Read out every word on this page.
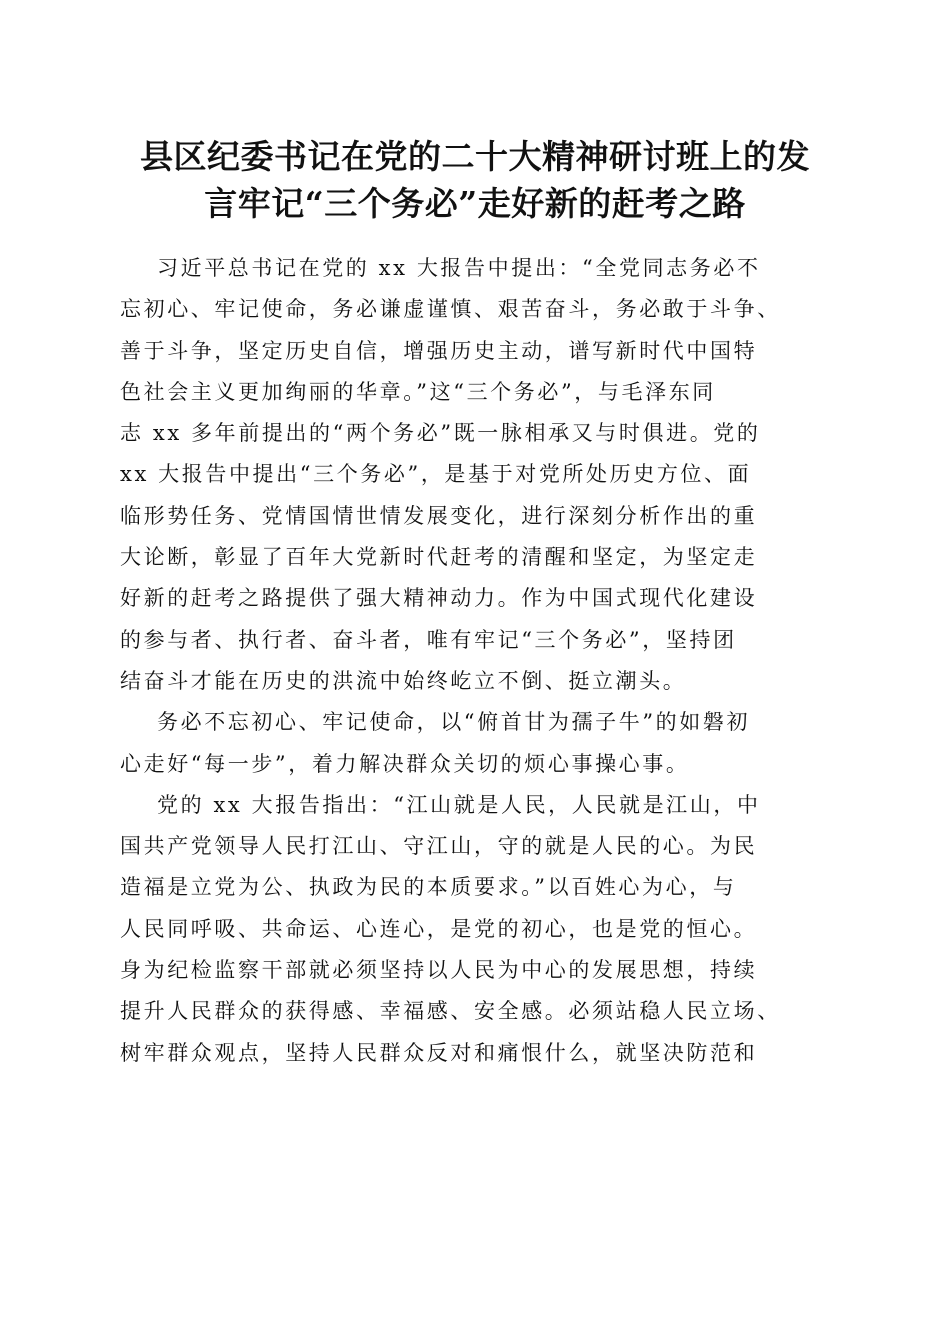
县区纪委书记在党的二十大精神研讨班上的发
言牢记“三个务必”走好新的赶考之路
习近平总书记在党的 xx 大报告中提出：“全党同志务必不
忘初心、牢记使命，务必谦虚谨慎、艰苦奋斗，务必敢于斗争、
善于斗争，坚定历史自信，增强历史主动，谱写新时代中国特
色社会主义更加绚丽的华章。”这“三个务必”，与毛泽东同
志 xx 多年前提出的“两个务必”既一脉相承又与时俱进。党的
xx 大报告中提出“三个务必”，是基于对党所处历史方位、面
临形势任务、党情国情世情发展变化，进行深刻分析作出的重
大论断，彰显了百年大党新时代赶考的清醒和坚定，为坚定走
好新的赶考之路提供了强大精神动力。作为中国式现代化建设
的参与者、执行者、奋斗者，唯有牢记“三个务必”，坚持团
结奋斗才能在历史的洪流中始终屹立不倒、挺立潮头。
务必不忘初心、牢记使命，以“俯首甘为孺子牛”的如磐初
心走好“每一步”，着力解决群众关切的烦心事操心事。
党的 xx 大报告指出：“江山就是人民，人民就是江山，中
国共产党领导人民打江山、守江山，守的就是人民的心。为民
造福是立党为公、执政为民的本质要求。”以百姓心为心，与
人民同呼吸、共命运、心连心，是党的初心，也是党的恒心。
身为纪检监察干部就必须坚持以人民为中心的发展思想，持续
提升人民群众的获得感、幸福感、安全感。必须站稳人民立场、
树牢群众观点，坚持人民群众反对和痛恨什么，就坚决防范和
